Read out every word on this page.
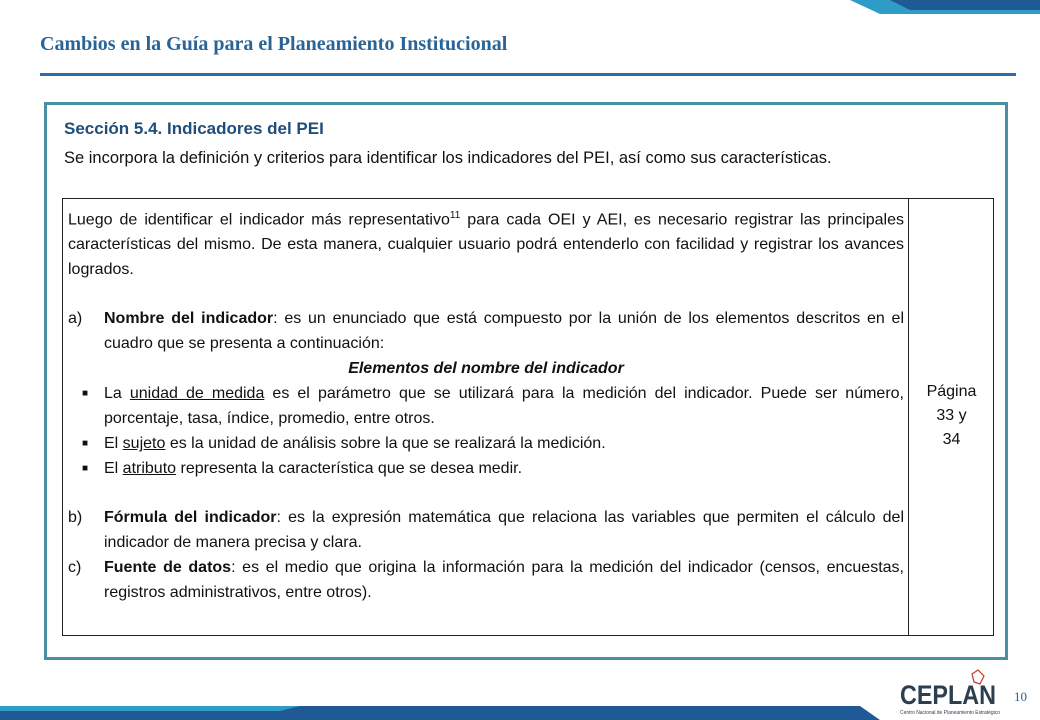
Cambios en la Guía para el Planeamiento Institucional
Sección 5.4. Indicadores del PEI

Se incorpora la definición y criterios para identificar los indicadores del PEI, así como sus características.

Luego de identificar el indicador más representativo$^{11}$ para cada OEI y AEI, es necesario registrar las principales características del mismo. De esta manera, cualquier usuario podrá entenderlo con facilidad y registrar los avances logrados.

a)	Nombre del indicador: es un enunciado que está compuesto por la unión de los elementos descritos en el cuadro que se presenta a continuación:

Elementos del nombre del indicador

■ La unidad de medida es el parámetro que se utilizará para la medición del indicador. Puede ser número, porcentaje, tasa, índice, promedio, entre otros.
■ El sujeto es la unidad de análisis sobre la que se realizará la medición.
■ El atributo representa la característica que se desea medir.
b)	Fórmula del indicador: es la expresión matemática que relaciona las variables que permiten el cálculo del indicador de manera precisa y clara.
c)	Fuente de datos: es el medio que origina la información para la medición del indicador (censos, encuestas, registros administrativos, entre otros).
Página
33 y
34
CEPLAN
Centro Nacional de Planeamiento Estratégico
10
